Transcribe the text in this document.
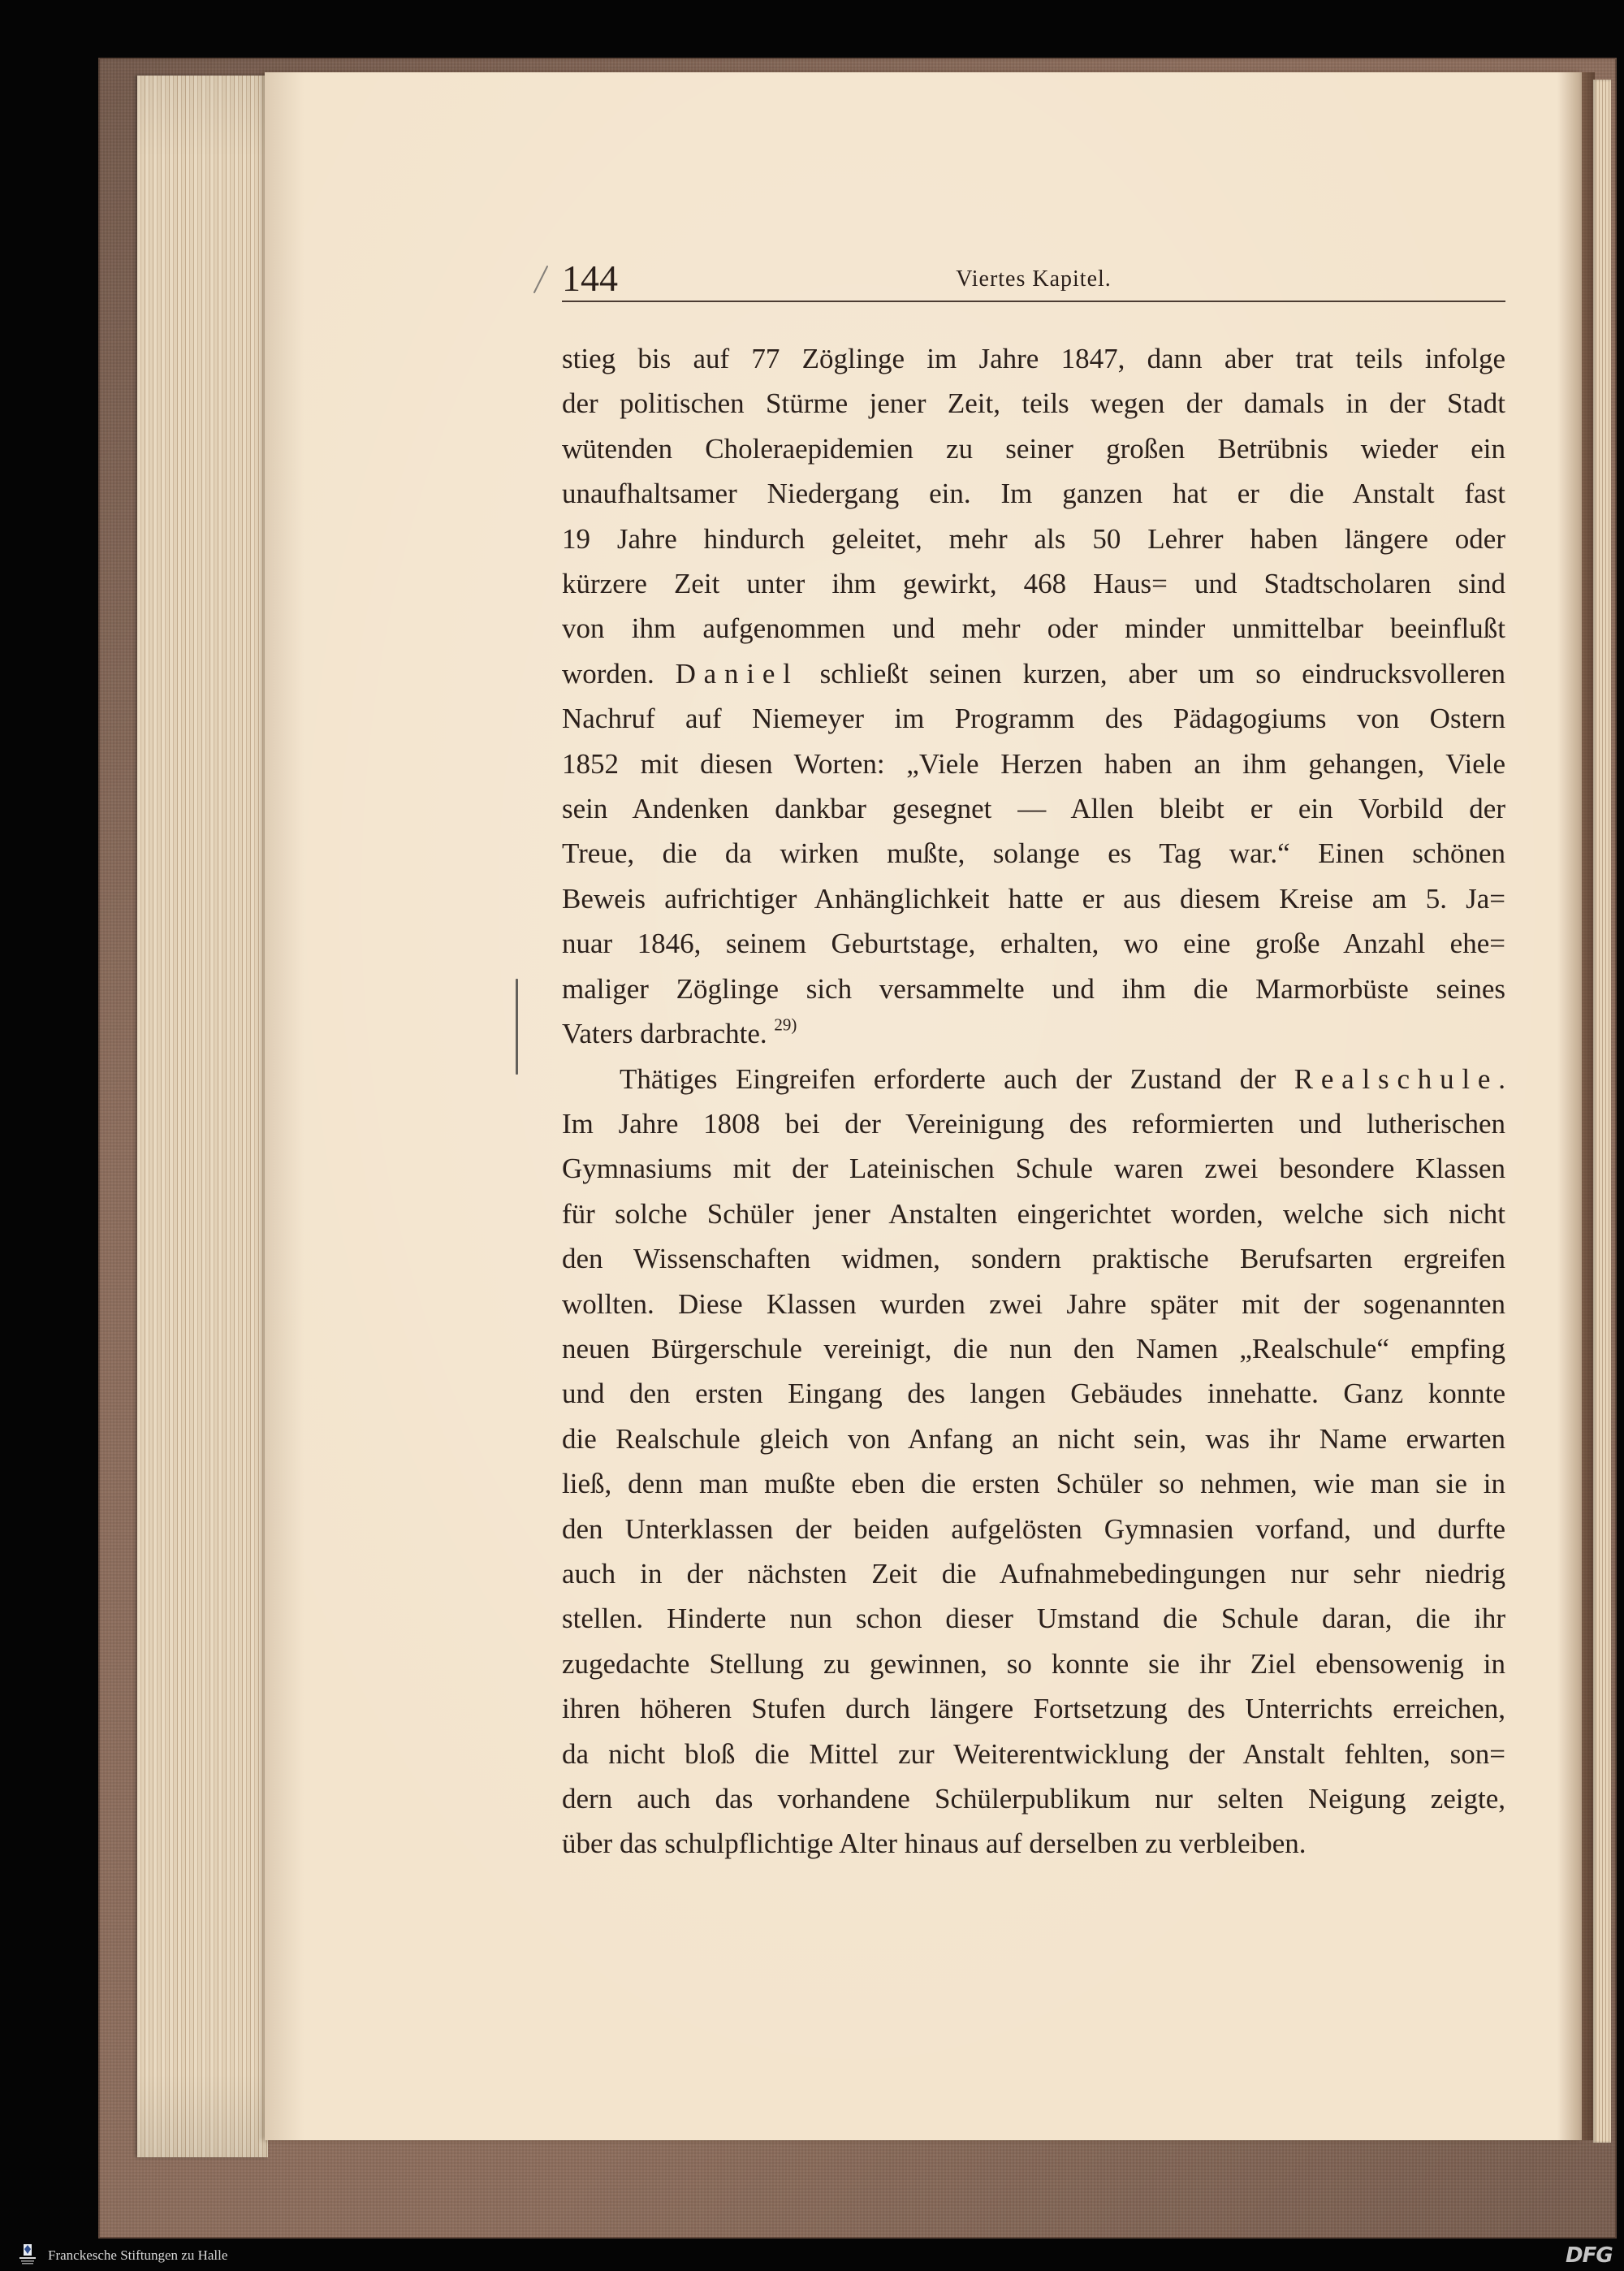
144	Viertes Kapitel.
stieg bis auf 77 Zöglinge im Jahre 1847, dann aber trat teils infolge
der politischen Stürme jener Zeit, teils wegen der damals in der Stadt
wütenden Choleraepidemien zu seiner großen Betrübnis wieder ein
unaufhaltsamer Niedergang ein. Im ganzen hat er die Anstalt fast
19 Jahre hindurch geleitet, mehr als 50 Lehrer haben längere oder
kürzere Zeit unter ihm gewirkt, 468 Haus= und Stadtscholaren sind
von ihm aufgenommen und mehr oder minder unmittelbar beeinflußt
worden. Daniel schließt seinen kurzen, aber um so eindrucksvolleren
Nachruf auf Niemeyer im Programm des Pädagogiums von Ostern
1852 mit diesen Worten: „Viele Herzen haben an ihm gehangen, Viele
sein Andenken dankbar gesegnet — Allen bleibt er ein Vorbild der
Treue, die da wirken mußte, solange es Tag war.“ Einen schönen
Beweis aufrichtiger Anhänglichkeit hatte er aus diesem Kreise am 5. Ja=
nuar 1846, seinem Geburtstage, erhalten, wo eine große Anzahl ehe=
maliger Zöglinge sich versammelte und ihm die Marmorbüste seines
Vaters darbrachte. $^{29)}$
Thätiges Eingreifen erforderte auch der Zustand der Realschule.
Im Jahre 1808 bei der Vereinigung des reformierten und lutherischen
Gymnasiums mit der Lateinischen Schule waren zwei besondere Klassen
für solche Schüler jener Anstalten eingerichtet worden, welche sich nicht
den Wissenschaften widmen, sondern praktische Berufsarten ergreifen
wollten. Diese Klassen wurden zwei Jahre später mit der sogenannten
neuen Bürgerschule vereinigt, die nun den Namen „Realschule“ empfing
und den ersten Eingang des langen Gebäudes innehatte. Ganz konnte
die Realschule gleich von Anfang an nicht sein, was ihr Name erwarten
ließ, denn man mußte eben die ersten Schüler so nehmen, wie man sie in
den Unterklassen der beiden aufgelösten Gymnasien vorfand, und durfte
auch in der nächsten Zeit die Aufnahmebedingungen nur sehr niedrig
stellen. Hinderte nun schon dieser Umstand die Schule daran, die ihr
zugedachte Stellung zu gewinnen, so konnte sie ihr Ziel ebensowenig in
ihren höheren Stufen durch längere Fortsetzung des Unterrichts erreichen,
da nicht bloß die Mittel zur Weiterentwicklung der Anstalt fehlten, son=
dern auch das vorhandene Schülerpublikum nur selten Neigung zeigte,
über das schulpflichtige Alter hinaus auf derselben zu verbleiben.
Franckesche Stiftungen zu Halle	DFG
